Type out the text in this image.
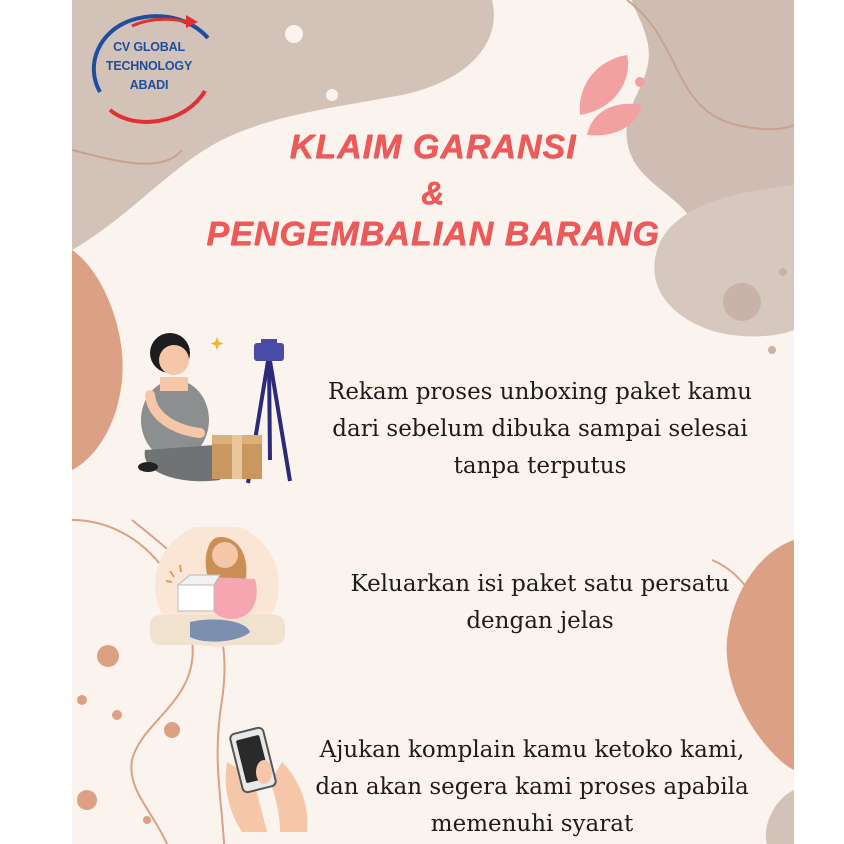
CV GLOBAL
TECHNOLOGY
ABADI
KLAIM GARANSI
&
PENGEMBALIAN BARANG
Rekam proses unboxing paket kamu
dari sebelum dibuka sampai selesai
tanpa terputus
Keluarkan isi paket satu persatu
dengan jelas
Ajukan komplain kamu ketoko kami,
dan akan segera kami proses apabila
memenuhi syarat
